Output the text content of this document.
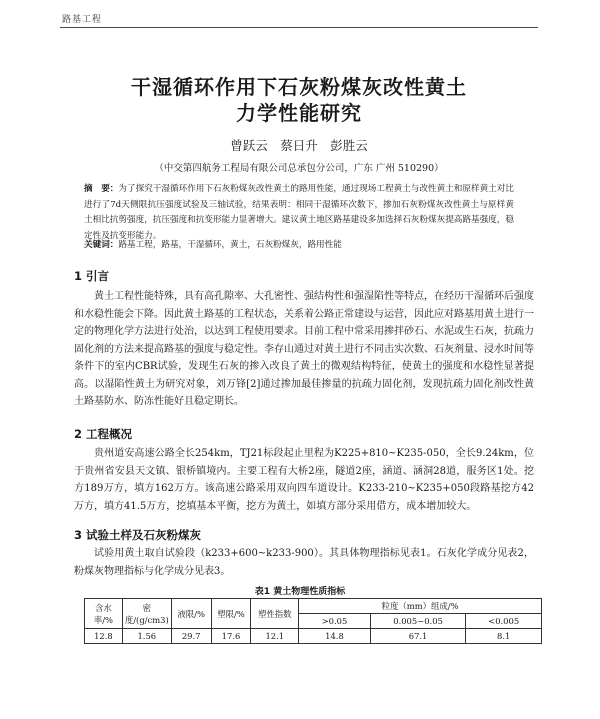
路基工程
干湿循环作用下石灰粉煤灰改性黄土
力学性能研究
曾跃云　蔡日升　彭胜云
（中交第四航务工程局有限公司总承包分公司，广东 广州 510290）
摘　要：为了探究干湿循环作用下石灰粉煤灰改性黄土的路用性能，通过现场工程黄土与改性黄土和原样黄土对比进行了7d天侧限抗压强度试验及三轴试验，结果表明：相同干湿循环次数下，掺加石灰粉煤灰改性黄土与原样黄土相比抗剪强度，抗压强度和抗变形能力显著增大。建议黄土地区路基建设多加选择石灰粉煤灰提高路基强度，稳定性及抗变形能力。
关键词：路基工程，路基，干湿循环，黄土，石灰粉煤灰，路用性能
1 引言
黄土工程性能特殊，具有高孔隙率、大孔密性、强结构性和强湿陷性等特点，在经历干湿循环后强度和水稳性能会下降。因此黄土路基的工程状态，关系着公路正常建设与运营，因此应对路基用黄土进行一定的物理化学方法进行处治，以达到工程使用要求。目前工程中常采用掺拌砂石、水泥或生石灰，抗疏力固化剂的方法来提高路基的强度与稳定性。李存山通过对黄土进行不同击实次数、石灰剂量、浸水时间等条件下的室内CBR试验，发现生石灰的掺入改良了黄土的微观结构特征，使黄土的强度和水稳性显著提高。以湿陷性黄土为研究对象，刘万锋[2]通过掺加最佳掺量的抗疏力固化剂，发现抗疏力固化剂改性黄土路基防水、防冻性能好且稳定期长。
2 工程概况
贵州道安高速公路全长254km，TJ21标段起止里程为K225+810~K235-050，全长9.24km，位于贵州省安县天文镇、银桥镇境内。主要工程有大桥2座，隧道2座，涵道、涵洞28道，服务区1处。挖方189万方，填方162万方。该高速公路采用双向四车道设计。K233-210~K235+050段路基挖方42万方，填方41.5万方，挖填基本平衡，挖方为黄土，如填方部分采用借方，成本增加较大。
3 试验土样及石灰粉煤灰
试验用黄土取自试验段（k233+600~k233-900）。其具体物理指标见表1。石灰化学成分见表2，粉煤灰物理指标与化学成分见表3。
表1 黄土物理性质指标
含水率/%	密度/(g/cm3)	液限/%	塑限/%	塑性指数	粒度（mm）组成/%		
					>0.05	0.005~0.05	<0.005
12.8	1.56	29.7	17.6	12.1	14.8	67.1	8.1
